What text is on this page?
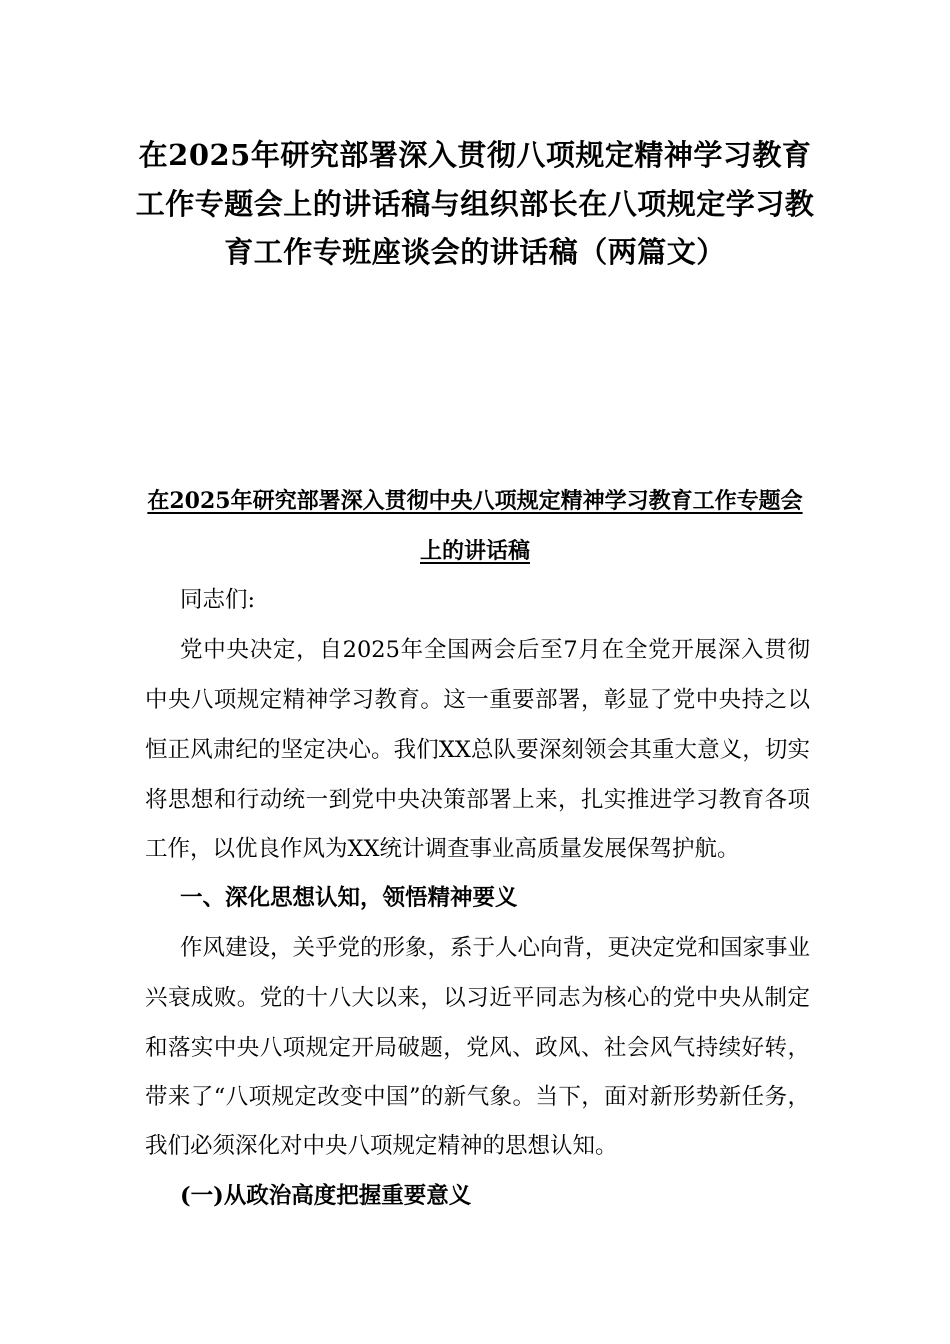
在2025年研究部署深入贯彻八项规定精神学习教育
工作专题会上的讲话稿与组织部长在八项规定学习教
育工作专班座谈会的讲话稿（两篇文）
在2025年研究部署深入贯彻中央八项规定精神学习教育工作专题会
上的讲话稿
同志们:
党中央决定，自2025年全国两会后至7月在全党开展深入贯彻
中央八项规定精神学习教育。这一重要部署，彰显了党中央持之以
恒正风肃纪的坚定决心。我们XX总队要深刻领会其重大意义，切实
将思想和行动统一到党中央决策部署上来，扎实推进学习教育各项
工作，以优良作风为XX统计调查事业高质量发展保驾护航。
一、深化思想认知，领悟精神要义
作风建设，关乎党的形象，系于人心向背，更决定党和国家事业
兴衰成败。党的十八大以来，以习近平同志为核心的党中央从制定
和落实中央八项规定开局破题，党风、政风、社会风气持续好转，
带来了“八项规定改变中国”的新气象。当下，面对新形势新任务，
我们必须深化对中央八项规定精神的思想认知。
(一)从政治高度把握重要意义
